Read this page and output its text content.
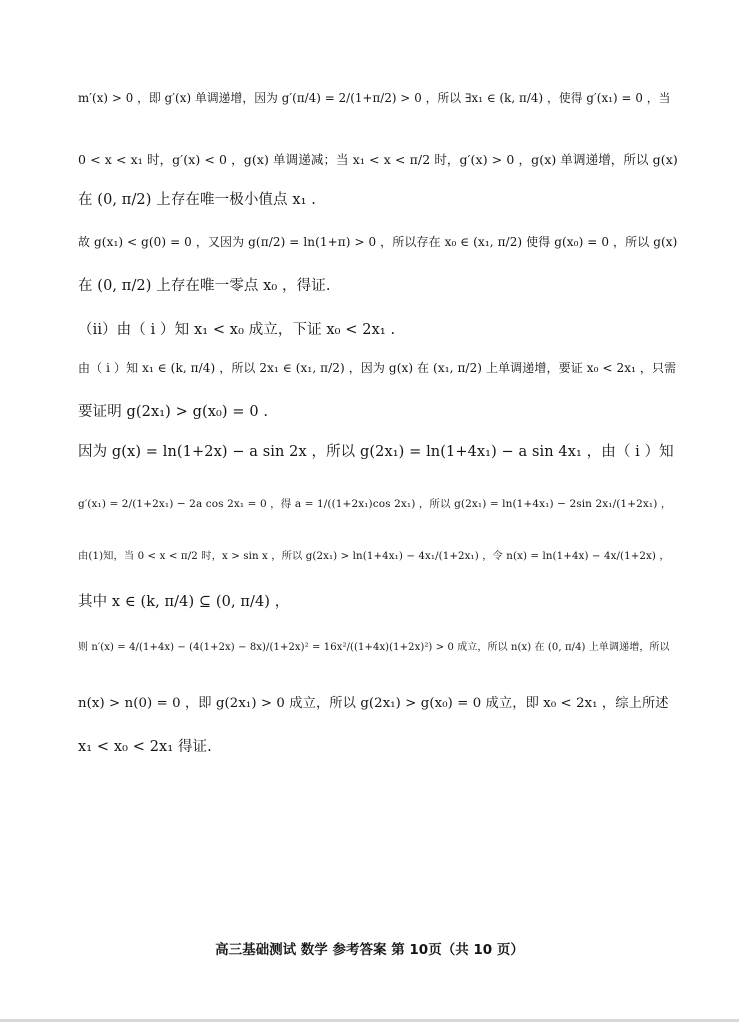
m′(x) > 0 ，即 g′(x) 单调递增，因为 g′(π/4) = 2/(1+π/2) > 0 ，所以 ∃x₁ ∈ (k, π/4) ，使得 g′(x₁) = 0 ，当
0 < x < x₁ 时，g′(x) < 0 ，g(x) 单调递减；当 x₁ < x < π/2 时，g′(x) > 0 ，g(x) 单调递增，所以 g(x)
在 (0, π/2) 上存在唯一极小值点 x₁ .
故 g(x₁) < g(0) = 0 ，又因为 g(π/2) = ln(1+π) > 0 ，所以存在 x₀ ∈ (x₁, π/2) 使得 g(x₀) = 0 ，所以 g(x)
在 (0, π/2) 上存在唯一零点 x₀ ，得证.
（ii）由（ i ）知 x₁ < x₀ 成立，下证 x₀ < 2x₁ .
由（ i ）知 x₁ ∈ (k, π/4) ，所以 2x₁ ∈ (x₁, π/2) ，因为 g(x) 在 (x₁, π/2) 上单调递增，要证 x₀ < 2x₁ ，只需
要证明 g(2x₁) > g(x₀) = 0 .
因为 g(x) = ln(1+2x) − a sin 2x ，所以 g(2x₁) = ln(1+4x₁) − a sin 4x₁ ，由（ i ）知
g′(x₁) = 2/(1+2x₁) − 2a cos 2x₁ = 0 ，得 a = 1/((1+2x₁)cos 2x₁) ，所以 g(2x₁) = ln(1+4x₁) − 2sin 2x₁/(1+2x₁) ，
由(1)知，当 0 < x < π/2 时，x > sin x ，所以 g(2x₁) > ln(1+4x₁) − 4x₁/(1+2x₁) ，令 n(x) = ln(1+4x) − 4x/(1+2x) ，
其中 x ∈ (k, π/4) ⊆ (0, π/4) ，
则 n′(x) = 4/(1+4x) − (4(1+2x) − 8x)/(1+2x)² = 16x²/((1+4x)(1+2x)²) > 0 成立，所以 n(x) 在 (0, π/4) 上单调递增，所以
n(x) > n(0) = 0 ，即 g(2x₁) > 0 成立，所以 g(2x₁) > g(x₀) = 0 成立，即 x₀ < 2x₁ ，综上所述
x₁ < x₀ < 2x₁ 得证.
高三基础测试 数学 参考答案 第 10页（共 10 页）
